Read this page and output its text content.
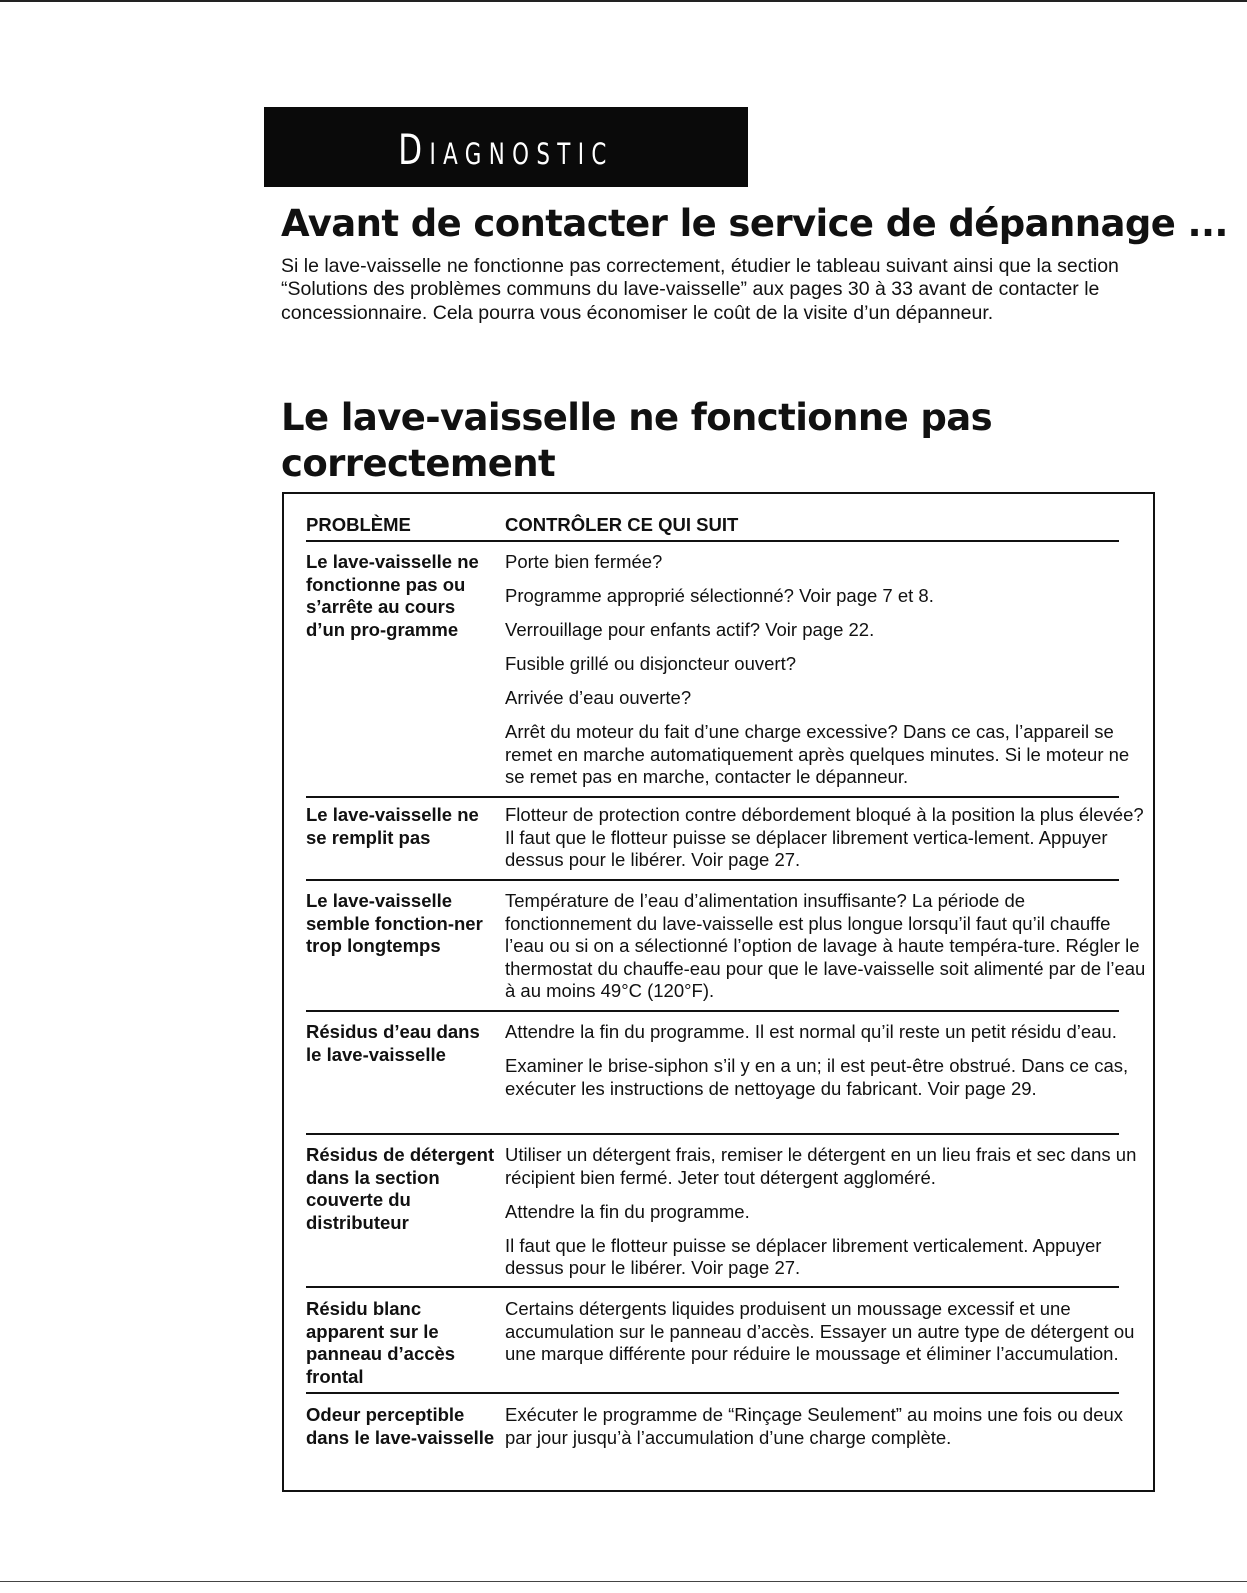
Diagnostic
Avant de contacter le service de dépannage ...

Si le lave-vaisselle ne fonctionne pas correctement, étudier le tableau suivant ainsi que la section “Solutions des problèmes communs du lave-vaisselle” aux pages 30 à 33 avant de contacter le concessionnaire. Cela pourra vous économiser le coût de la visite d’un dépanneur.

Le lave-vaisselle ne fonctionne pas correctement
PROBLÈME	CONTRÔLER CE QUI SUIT
Le lave-vaisselle ne fonctionne pas ou s’arrête au cours d’un pro-gramme

Porte bien fermée?

Programme approprié sélectionné? Voir page 7 et 8.

Verrouillage pour enfants actif? Voir page 22.

Fusible grillé ou disjoncteur ouvert?

Arrivée d’eau ouverte?

Arrêt du moteur du fait d’une charge excessive? Dans ce cas, l’appareil se remet en marche automatiquement après quelques minutes. Si le moteur ne se remet pas en marche, contacter le dépanneur.

Le lave-vaisselle ne se remplit pas

Flotteur de protection contre débordement bloqué à la position la plus élevée? Il faut que le flotteur puisse se déplacer librement vertica-lement. Appuyer dessus pour le libérer. Voir page 27.

Le lave-vaisselle semble fonction-ner trop longtemps

Température de l’eau d’alimentation insuffisante? La période de fonctionnement du lave-vaisselle est plus longue lorsqu’il faut qu’il chauffe l’eau ou si on a sélectionné l’option de lavage à haute tempéra-ture. Régler le thermostat du chauffe-eau pour que le lave-vaisselle soit alimenté par de l’eau à au moins 49°C (120°F).

Résidus d’eau dans le lave-vaisselle

Attendre la fin du programme. Il est normal qu’il reste un petit résidu d’eau.

Examiner le brise-siphon s’il y en a un; il est peut-être obstrué. Dans ce cas, exécuter les instructions de nettoyage du fabricant. Voir page 29.

Résidus de détergent dans la section couverte du distributeur

Utiliser un détergent frais, remiser le détergent en un lieu frais et sec dans un récipient bien fermé. Jeter tout détergent aggloméré.

Attendre la fin du programme.

Il faut que le flotteur puisse se déplacer librement verticalement. Appuyer dessus pour le libérer. Voir page 27.

Résidu blanc apparent sur le panneau d’accès frontal

Certains détergents liquides produisent un moussage excessif et une accumulation sur le panneau d’accès. Essayer un autre type de détergent ou une marque différente pour réduire le moussage et éliminer l’accumulation.

Odeur perceptible dans le lave-vaisselle

Exécuter le programme de “Rinçage Seulement” au moins une fois ou deux par jour jusqu’à l’accumulation d’une charge complète.
